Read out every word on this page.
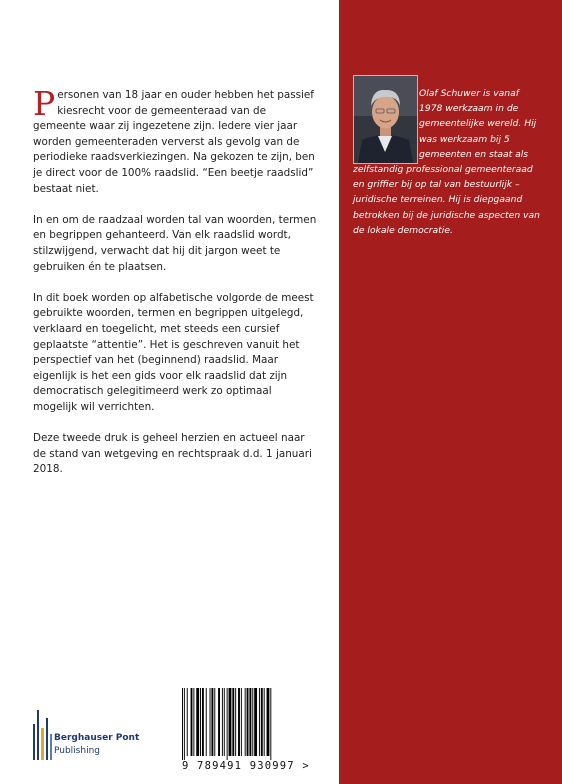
Personen van 18 jaar en ouder hebben het passief kiesrecht voor de gemeenteraad van de gemeente waar zij ingezetene zijn. Iedere vier jaar worden gemeenteraden ververst als gevolg van de periodieke raadsverkiezingen. Na gekozen te zijn, ben je direct voor de 100% raadslid. “Een beetje raadslid” bestaat niet.

In en om de raadzaal worden tal van woorden, termen en begrippen gehanteerd. Van elk raadslid wordt, stilzwijgend, verwacht dat hij dit jargon weet te gebruiken én te plaatsen.

In dit boek worden op alfabetische volgorde de meest gebruikte woorden, termen en begrippen uitgelegd, verklaard en toegelicht, met steeds een cursief geplaatste “attentie”. Het is geschreven vanuit het perspectief van het (beginnend) raadslid. Maar eigenlijk is het een gids voor elk raadslid dat zijn democratisch gelegitimeerd werk zo optimaal mogelijk wil verrichten.

Deze tweede druk is geheel herzien en actueel naar de stand van wetgeving en rechtspraak d.d. 1 januari 2018.

Olaf Schuwer is vanaf 1978 werkzaam in de gemeentelijke wereld. Hij was werkzaam bij 5 gemeenten en staat als zelfstandig professional gemeenteraad en griffier bij op tal van bestuurlijk – juridische terreinen. Hij is diepgaand betrokken bij de juridische aspecten van de lokale democratie.
Berghauser Pont
Publishing
9 789491 930997 >
